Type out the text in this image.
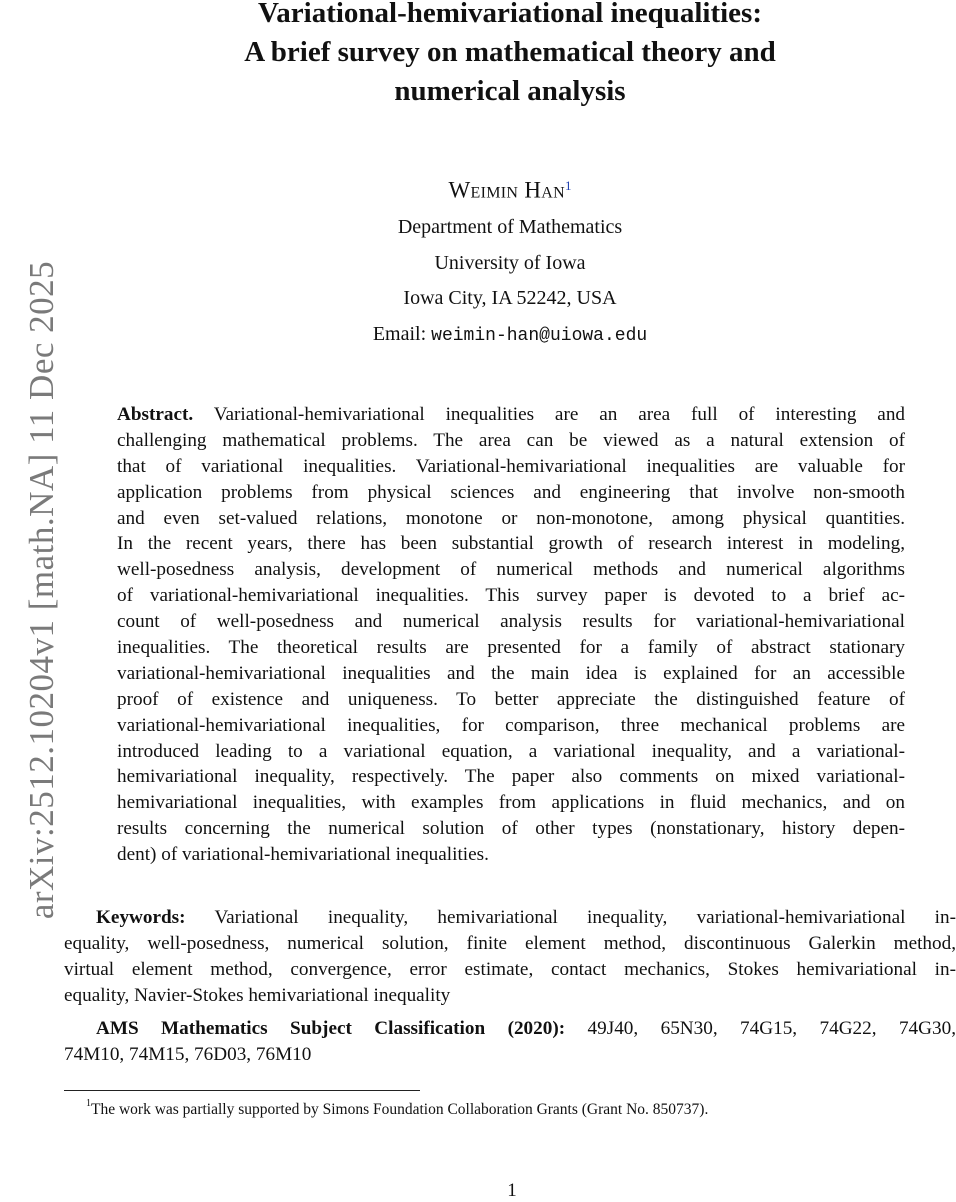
arXiv:2512.10204v1 [math.NA] 11 Dec 2025
Variational-hemivariational inequalities:
A brief survey on mathematical theory and
numerical analysis
Weimin Han$^1$
Department of Mathematics
University of Iowa
Iowa City, IA 52242, USA
Email: weimin-han@uiowa.edu
Abstract. Variational-hemivariational inequalities are an area full of interesting and
challenging mathematical problems. The area can be viewed as a natural extension of
that of variational inequalities. Variational-hemivariational inequalities are valuable for
application problems from physical sciences and engineering that involve non-smooth
and even set-valued relations, monotone or non-monotone, among physical quantities.
In the recent years, there has been substantial growth of research interest in modeling,
well-posedness analysis, development of numerical methods and numerical algorithms
of variational-hemivariational inequalities. This survey paper is devoted to a brief ac-
count of well-posedness and numerical analysis results for variational-hemivariational
inequalities. The theoretical results are presented for a family of abstract stationary
variational-hemivariational inequalities and the main idea is explained for an accessible
proof of existence and uniqueness. To better appreciate the distinguished feature of
variational-hemivariational inequalities, for comparison, three mechanical problems are
introduced leading to a variational equation, a variational inequality, and a variational-
hemivariational inequality, respectively. The paper also comments on mixed variational-
hemivariational inequalities, with examples from applications in fluid mechanics, and on
results concerning the numerical solution of other types (nonstationary, history depen-
dent) of variational-hemivariational inequalities.
Keywords: Variational inequality, hemivariational inequality, variational-hemivariational in-
equality, well-posedness, numerical solution, finite element method, discontinuous Galerkin method,
virtual element method, convergence, error estimate, contact mechanics, Stokes hemivariational in-
equality, Navier-Stokes hemivariational inequality
AMS Mathematics Subject Classification (2020): 49J40, 65N30, 74G15, 74G22, 74G30,
74M10, 74M15, 76D03, 76M10
$^1$The work was partially supported by Simons Foundation Collaboration Grants (Grant No. 850737).
1
